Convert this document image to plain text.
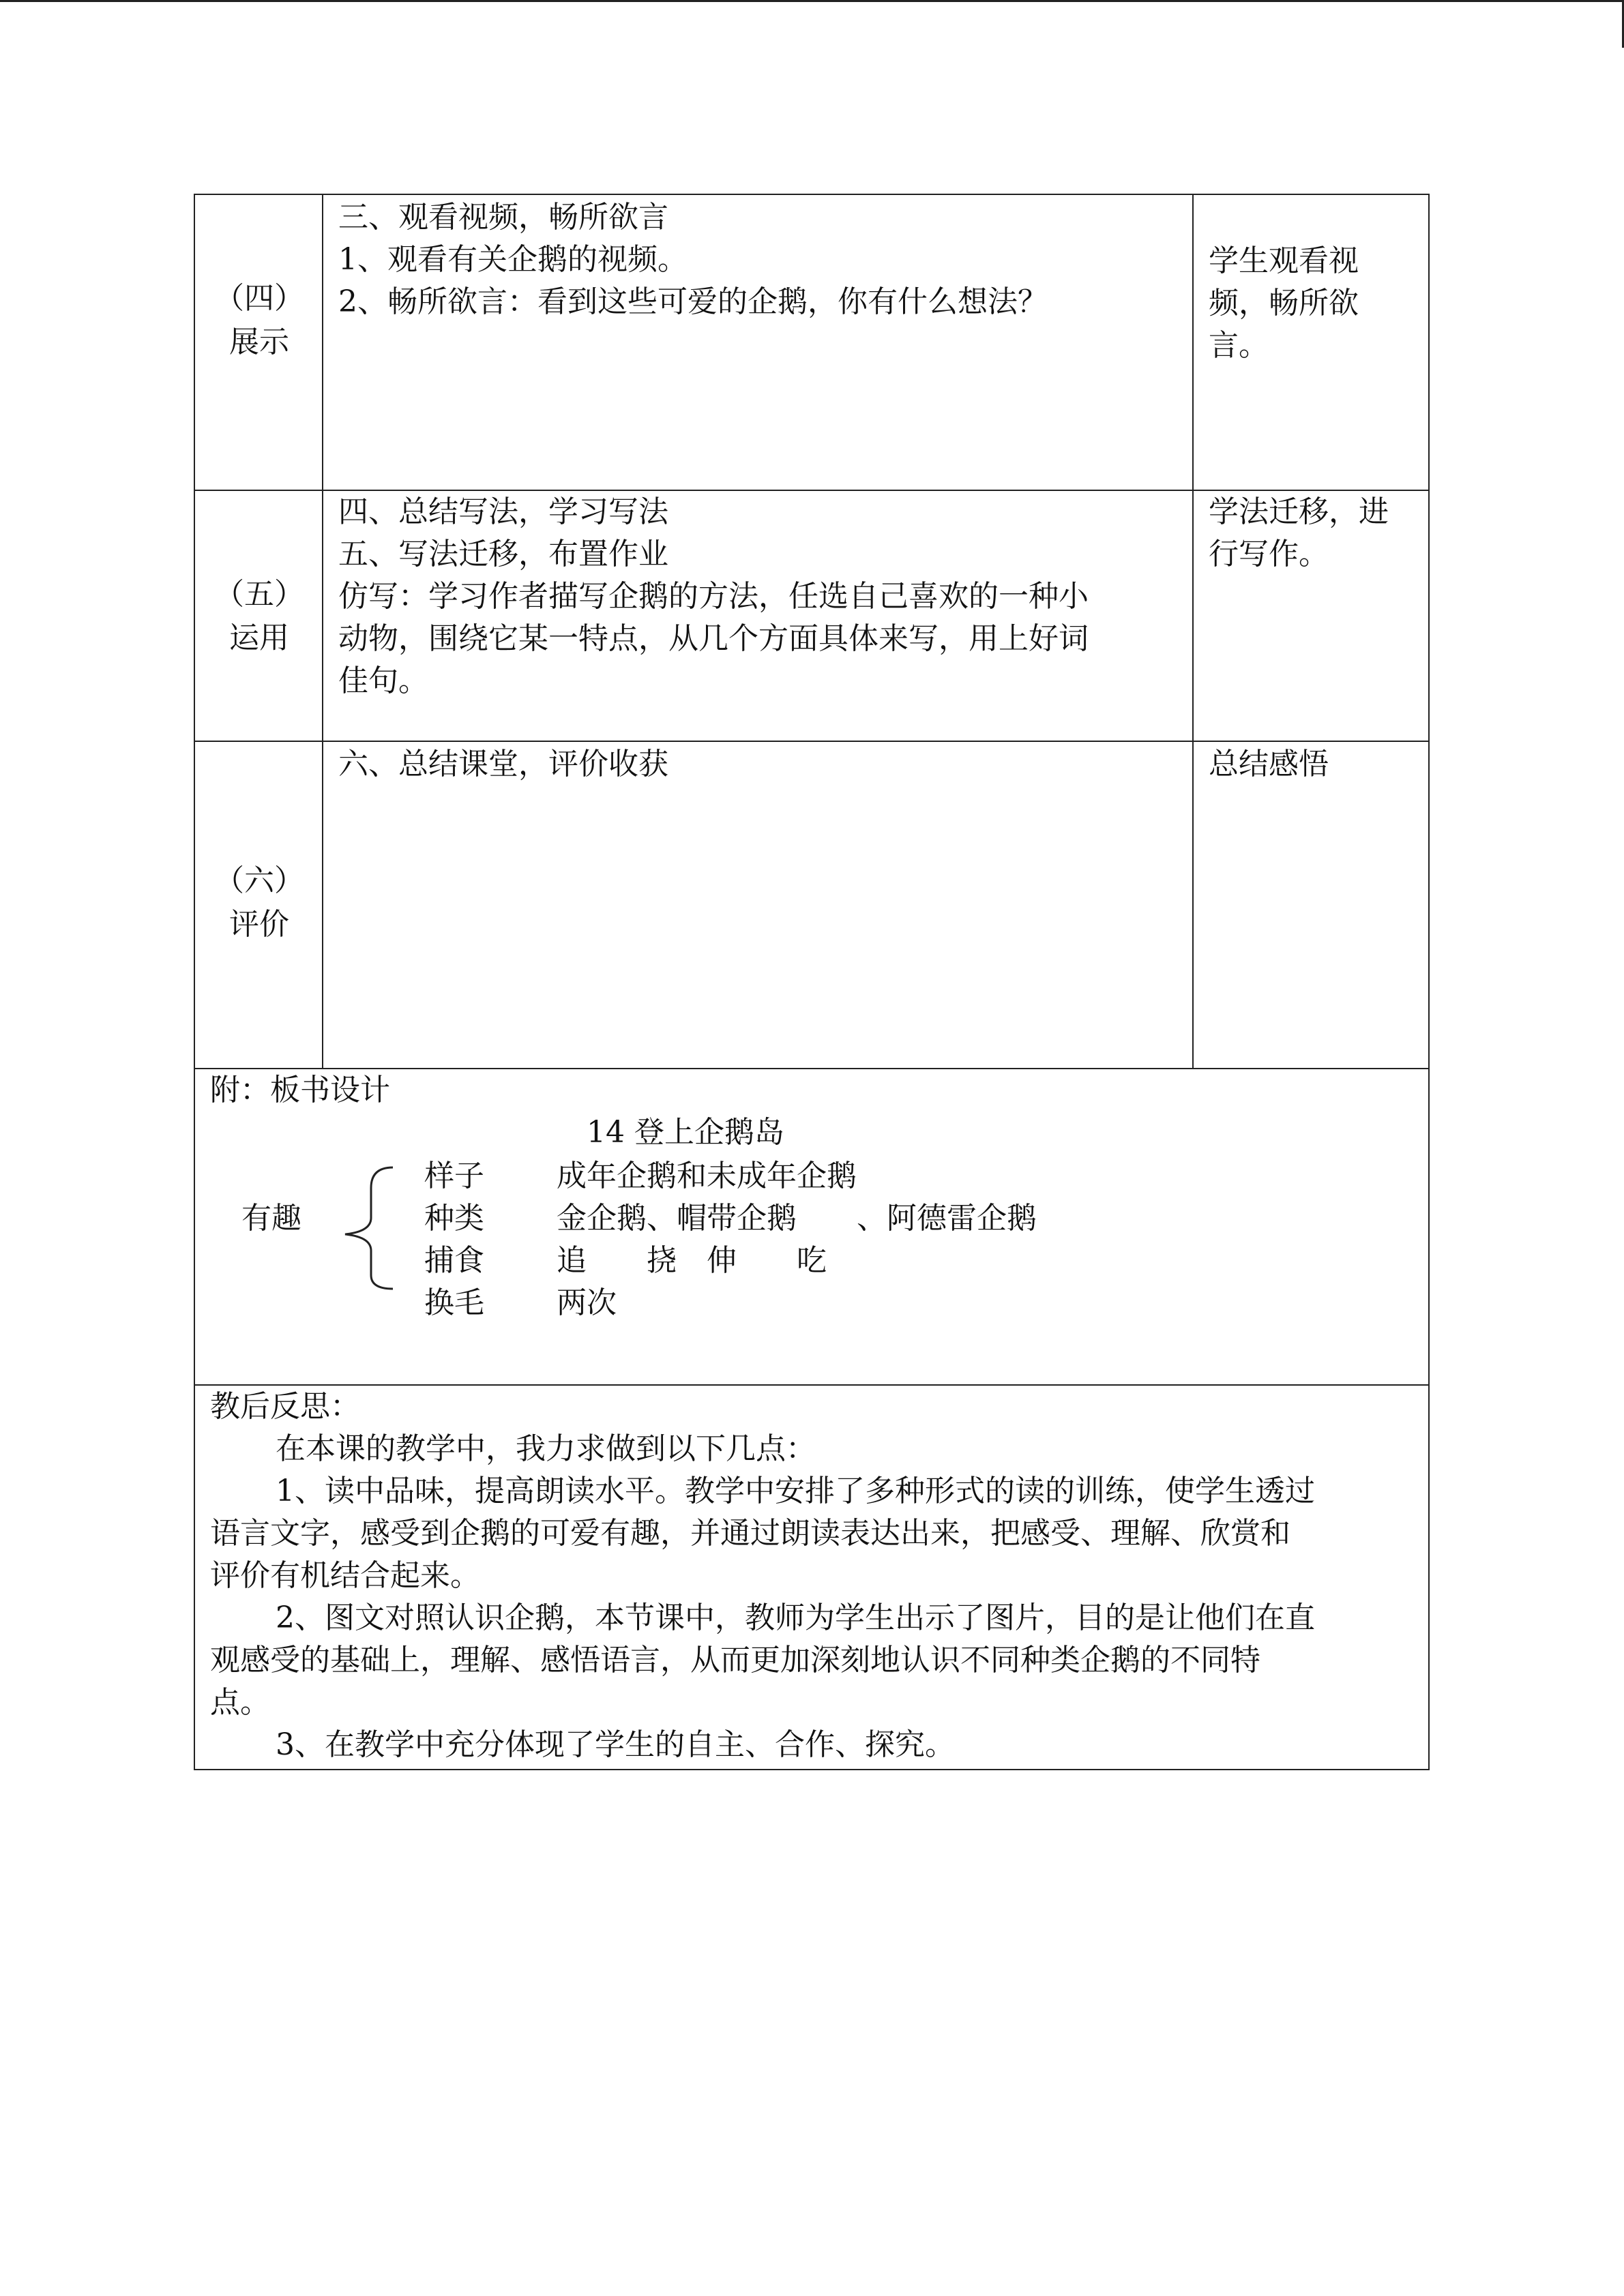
（四）
展示
三、观看视频，畅所欲言
1、观看有关企鹅的视频。
2、畅所欲言：看到这些可爱的企鹅，你有什么想法？
学生观看视
频，畅所欲
言。
（五）
运用
四、总结写法，学习写法
五、写法迁移，布置作业
仿写：学习作者描写企鹅的方法，任选自己喜欢的一种小
动物，围绕它某一特点，从几个方面具体来写，用上好词
佳句。
学法迁移，进
行写作。
（六）
评价
六、总结课堂，评价收获	总结感悟
附：板书设计
14 登上企鹅岛
有趣
样子 成年企鹅和未成年企鹅
种类 金企鹅、帽带企鹅　　、阿德雷企鹅
捕食 追　　挠　伸　　吃
换毛 两次
教后反思：
在本课的教学中，我力求做到以下几点：
1、读中品味，提高朗读水平。教学中安排了多种形式的读的训练，使学生透过
语言文字，感受到企鹅的可爱有趣，并通过朗读表达出来，把感受、理解、欣赏和
评价有机结合起来。
2、图文对照认识企鹅，本节课中，教师为学生出示了图片，目的是让他们在直
观感受的基础上，理解、感悟语言，从而更加深刻地认识不同种类企鹅的不同特
点。
3、在教学中充分体现了学生的自主、合作、探究。
